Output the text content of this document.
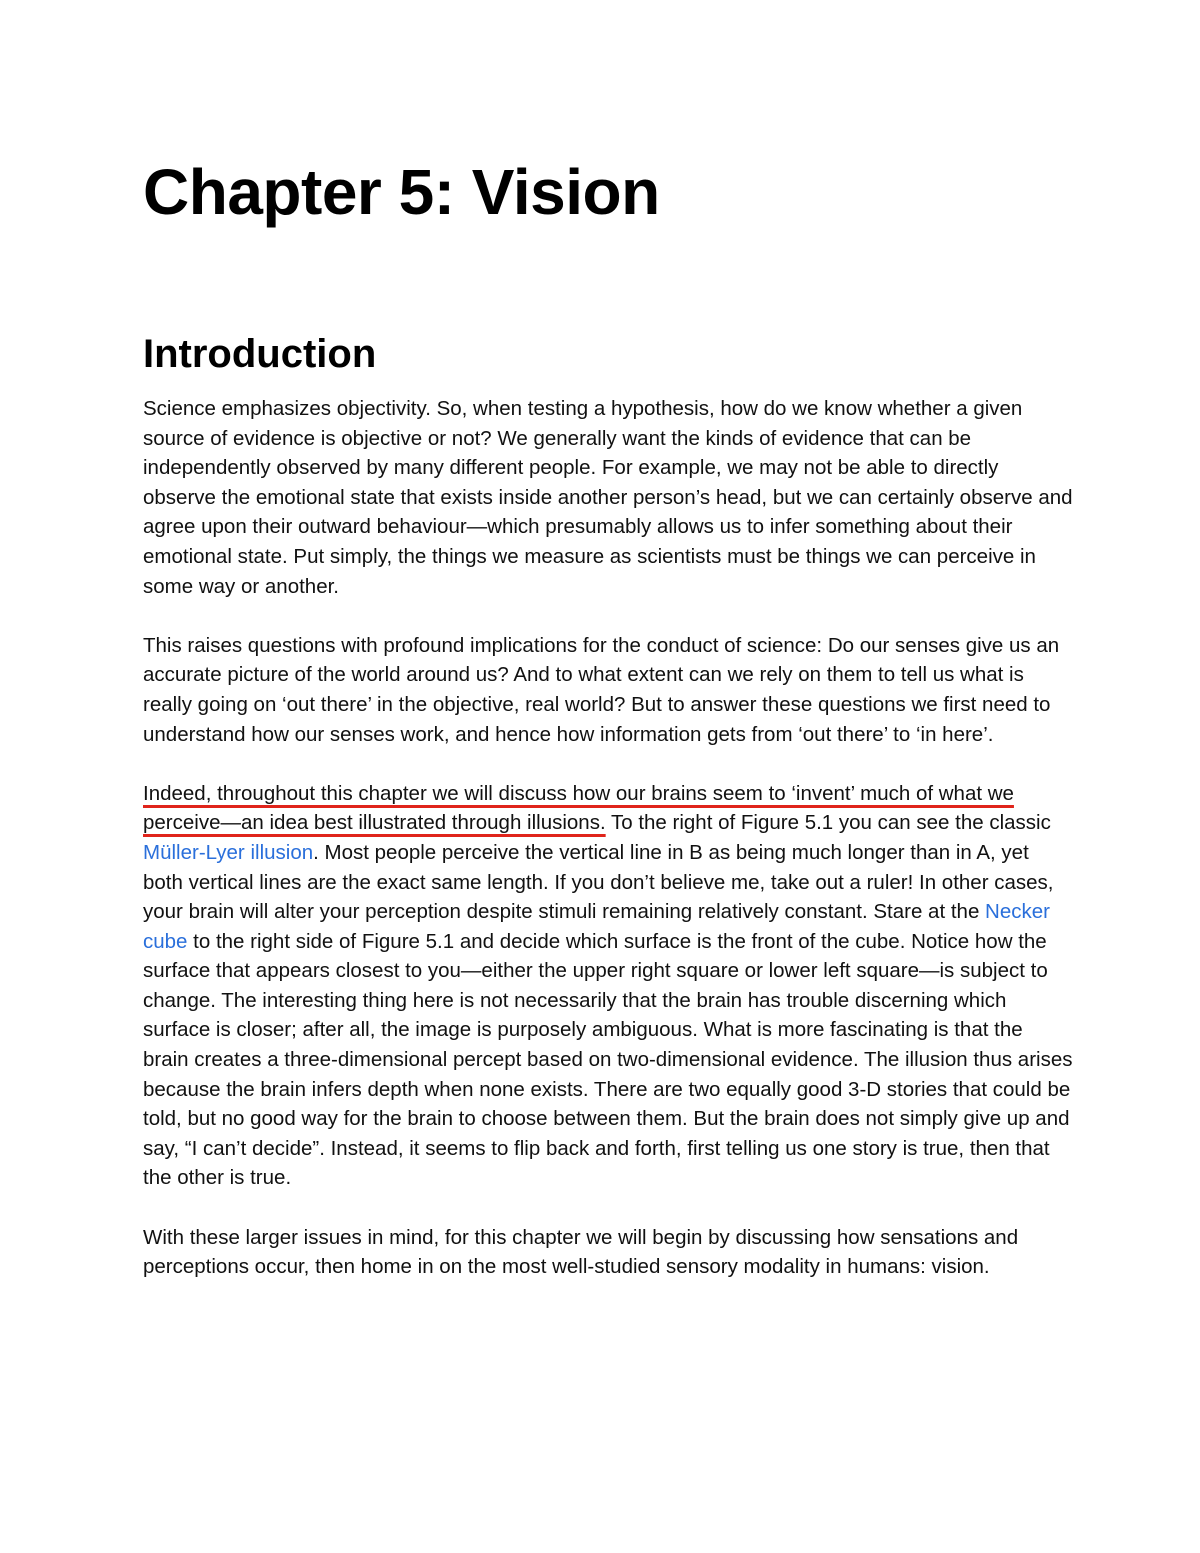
Chapter 5: Vision
Introduction

Science emphasizes objectivity. So, when testing a hypothesis, how do we know whether a given source of evidence is objective or not? We generally want the kinds of evidence that can be independently observed by many different people. For example, we may not be able to directly observe the emotional state that exists inside another person’s head, but we can certainly observe and agree upon their outward behaviour—which presumably allows us to infer something about their emotional state. Put simply, the things we measure as scientists must be things we can perceive in some way or another.

This raises questions with profound implications for the conduct of science: Do our senses give us an accurate picture of the world around us? And to what extent can we rely on them to tell us what is really going on ‘out there’ in the objective, real world? But to answer these questions we first need to understand how our senses work, and hence how information gets from ‘out there’ to ‘in here’.

Indeed, throughout this chapter we will discuss how our brains seem to ‘invent’ much of what we perceive—an idea best illustrated through illusions. To the right of Figure 5.1 you can see the classic Müller-Lyer illusion. Most people perceive the vertical line in B as being much longer than in A, yet both vertical lines are the exact same length. If you don’t believe me, take out a ruler! In other cases, your brain will alter your perception despite stimuli remaining relatively constant. Stare at the Necker cube to the right side of Figure 5.1 and decide which surface is the front of the cube. Notice how the surface that appears closest to you—either the upper right square or lower left square—is subject to change. The interesting thing here is not necessarily that the brain has trouble discerning which surface is closer; after all, the image is purposely ambiguous. What is more fascinating is that the brain creates a three-dimensional percept based on two-dimensional evidence. The illusion thus arises because the brain infers depth when none exists. There are two equally good 3-D stories that could be told, but no good way for the brain to choose between them. But the brain does not simply give up and say, “I can’t decide”. Instead, it seems to flip back and forth, first telling us one story is true, then that the other is true.

With these larger issues in mind, for this chapter we will begin by discussing how sensations and perceptions occur, then home in on the most well-studied sensory modality in humans: vision.
